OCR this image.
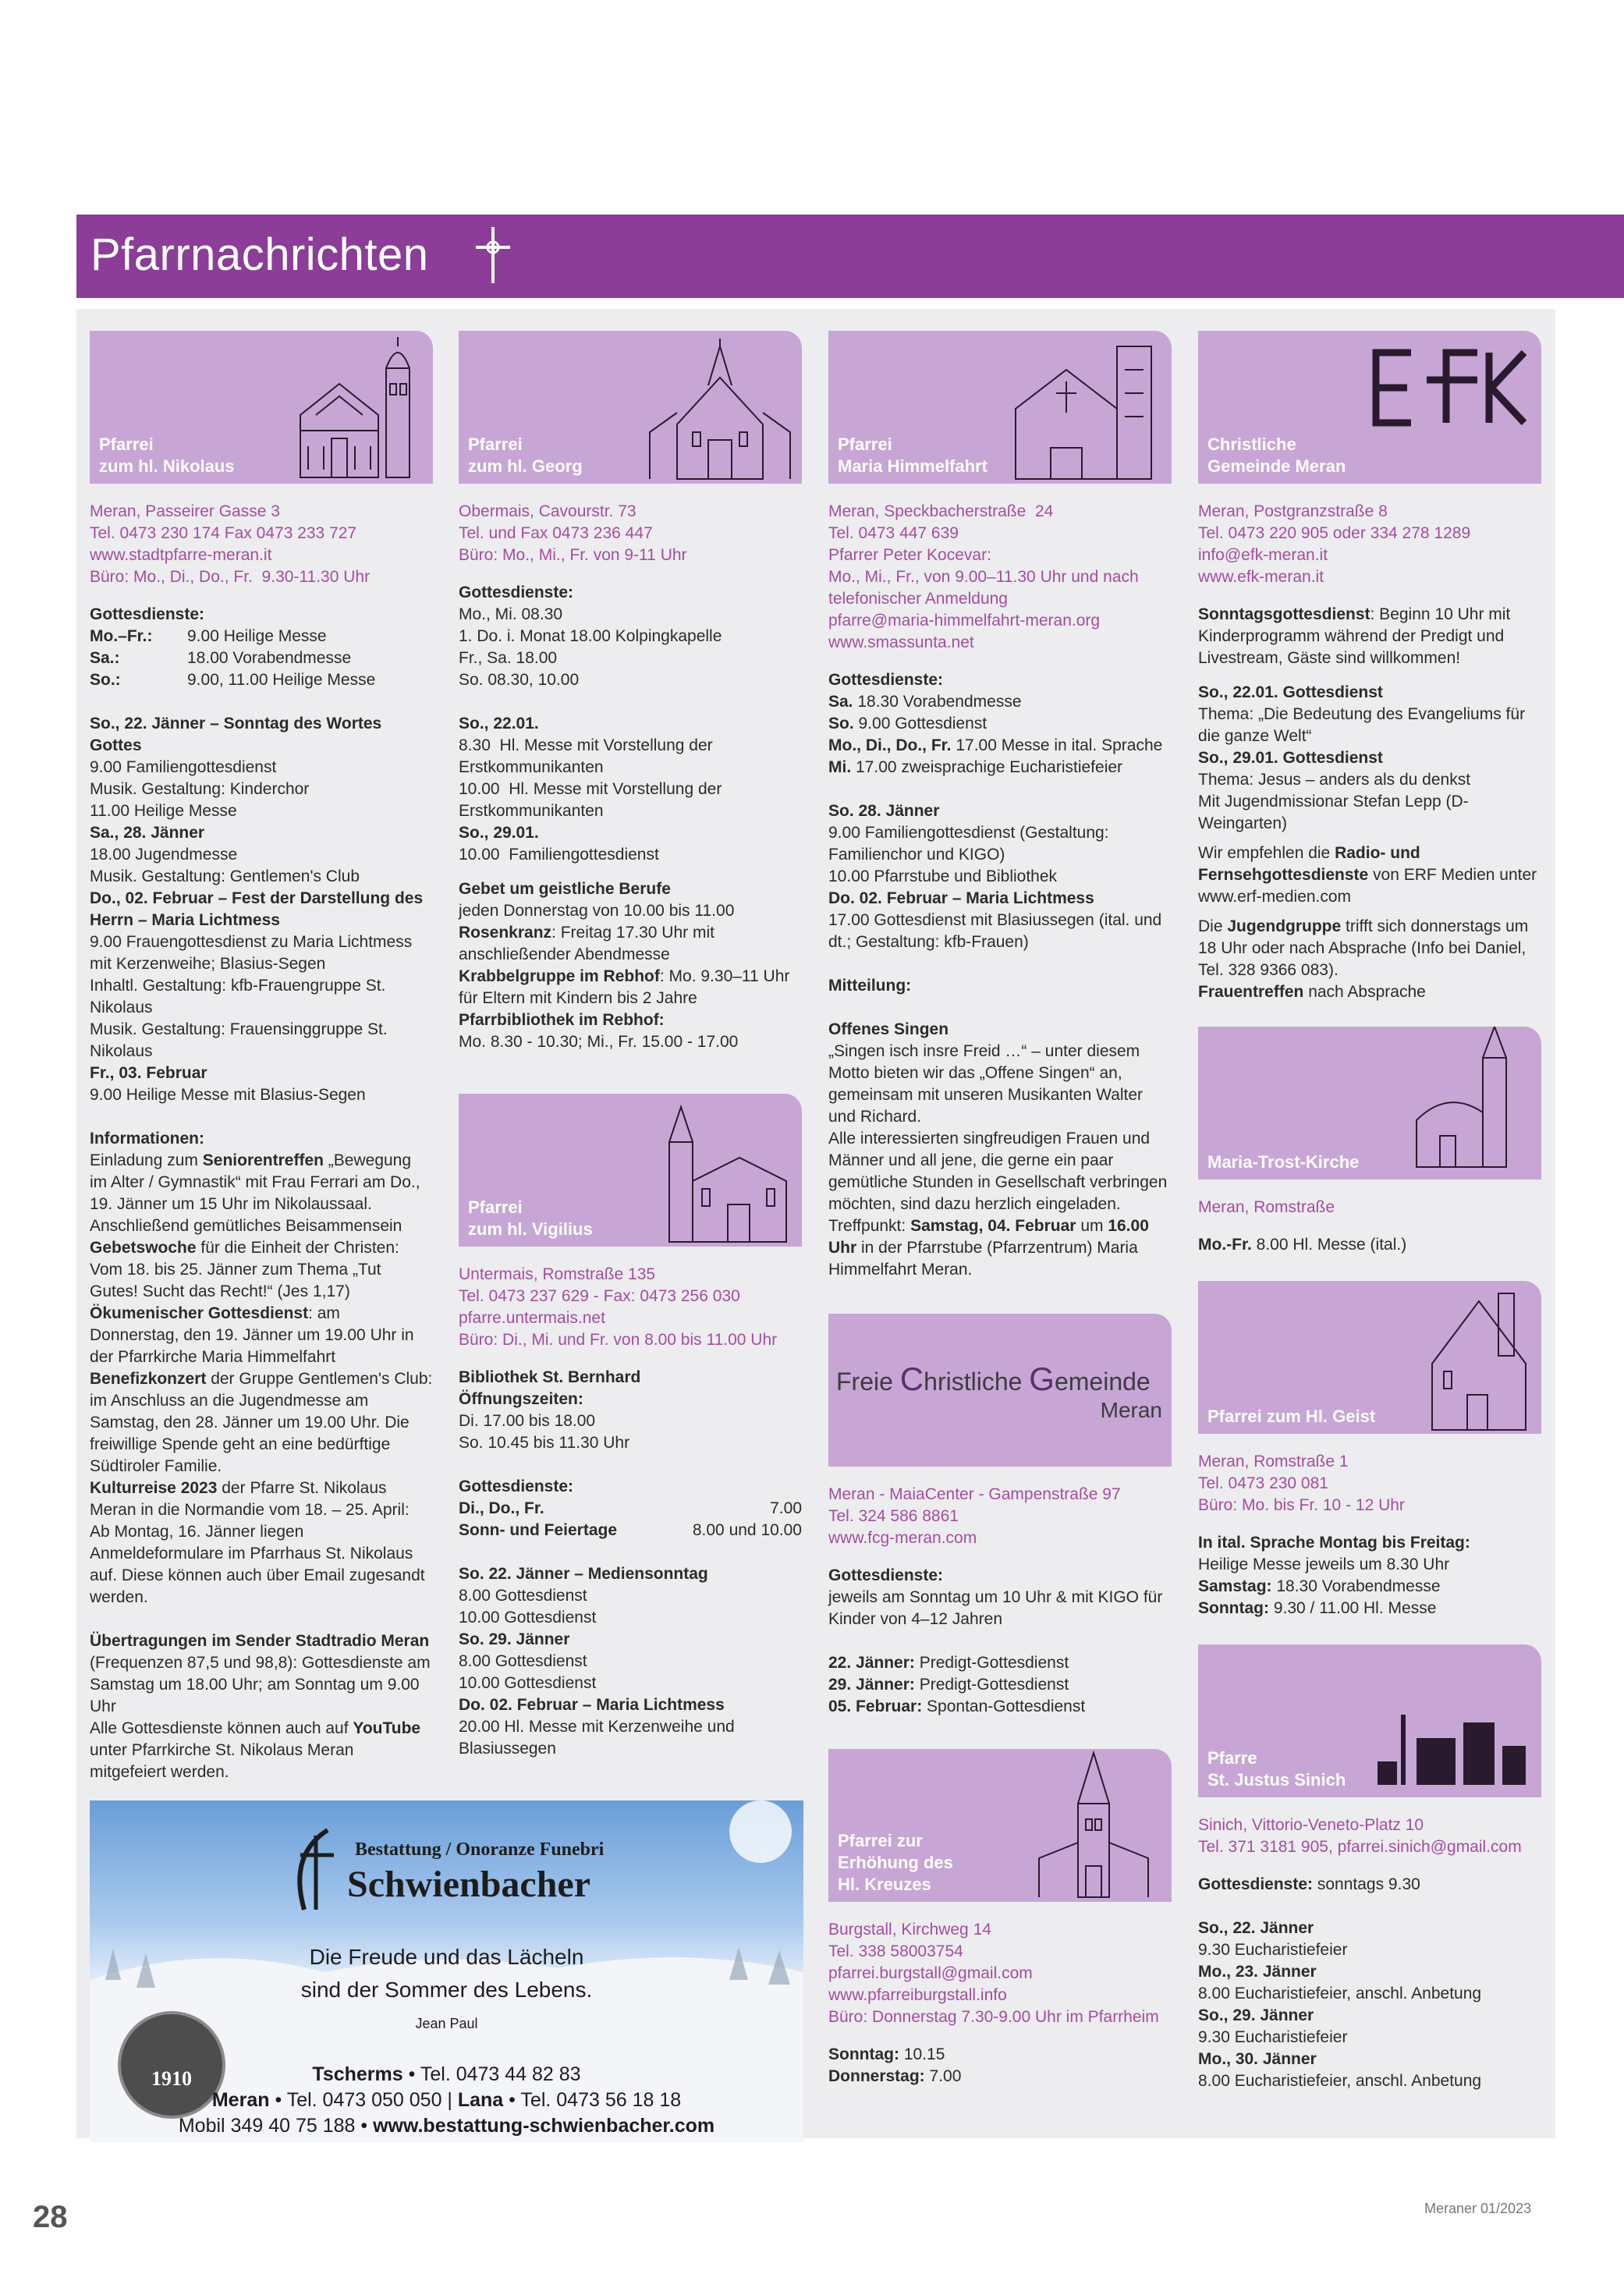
Pfarrnachrichten
Pfarrei
zum hl. Nikolaus
Meran, Passeirer Gasse 3
Tel. 0473 230 174 Fax 0473 233 727
www.stadtpfarre-meran.it
Büro: Mo., Di., Do., Fr.  9.30-11.30 Uhr
Gottesdienste:
Mo.–Fr.:	9.00 Heilige Messe
Sa.:	18.00 Vorabendmesse
So.:	9.00, 11.00 Heilige Messe
So., 22. Jänner – Sonntag des Wortes Gottes
9.00 Familiengottesdienst
Musik. Gestaltung: Kinderchor
11.00 Heilige Messe
Sa., 28. Jänner
18.00 Jugendmesse
Musik. Gestaltung: Gentlemen's Club
Do., 02. Februar – Fest der Darstellung des Herrn – Maria Lichtmess
9.00 Frauengottesdienst zu Maria Lichtmess mit Kerzenweihe; Blasius-Segen
Inhaltl. Gestaltung: kfb-Frauengruppe St. Nikolaus
Musik. Gestaltung: Frauensinggruppe St. Nikolaus
Fr., 03. Februar
9.00 Heilige Messe mit Blasius-Segen
Informationen:
Einladung zum Seniorentreffen „Bewegung im Alter / Gymnastik“ mit Frau Ferrari am Do., 19. Jänner um 15 Uhr im Nikolaussaal. Anschließend gemütliches Beisammensein
Gebetswoche für die Einheit der Christen: Vom 18. bis 25. Jänner zum Thema „Tut Gutes! Sucht das Recht!“ (Jes 1,17)
Ökumenischer Gottesdienst: am Donnerstag, den 19. Jänner um 19.00 Uhr in der Pfarrkirche Maria Himmelfahrt
Benefizkonzert der Gruppe Gentlemen's Club: im Anschluss an die Jugendmesse am Samstag, den 28. Jänner um 19.00 Uhr. Die freiwillige Spende geht an eine bedürftige Südtiroler Familie.
Kulturreise 2023 der Pfarre St. Nikolaus Meran in die Normandie vom 18. – 25. April: Ab Montag, 16. Jänner liegen Anmeldeformulare im Pfarrhaus St. Nikolaus auf. Diese können auch über Email zugesandt werden.
Übertragungen im Sender Stadtradio Meran (Frequenzen 87,5 und 98,8): Gottesdienste am Samstag um 18.00 Uhr; am Sonntag um 9.00 Uhr
Alle Gottesdienste können auch auf YouTube unter Pfarrkirche St. Nikolaus Meran mitgefeiert werden.
Pfarrei
zum hl. Georg
Obermais, Cavourstr. 73
Tel. und Fax 0473 236 447
Büro: Mo., Mi., Fr. von 9-11 Uhr
Gottesdienste:
Mo., Mi. 08.30
1. Do. i. Monat 18.00 Kolpingkapelle
Fr., Sa. 18.00
So. 08.30, 10.00
So., 22.01.
8.30  Hl. Messe mit Vorstellung der Erstkommunikanten
10.00  Hl. Messe mit Vorstellung der Erstkommunikanten
So., 29.01.
10.00  Familiengottesdienst
Gebet um geistliche Berufe
jeden Donnerstag von 10.00 bis 11.00
Rosenkranz: Freitag 17.30 Uhr mit anschließender Abendmesse
Krabbelgruppe im Rebhof: Mo. 9.30–11 Uhr für Eltern mit Kindern bis 2 Jahre
Pfarrbibliothek im Rebhof:
Mo. 8.30 - 10.30; Mi., Fr. 15.00 - 17.00
Pfarrei
zum hl. Vigilius
Untermais, Romstraße 135
Tel. 0473 237 629 - Fax: 0473 256 030
pfarre.untermais.net
Büro: Di., Mi. und Fr. von 8.00 bis 11.00 Uhr
Bibliothek St. Bernhard
Öffnungszeiten:
Di. 17.00 bis 18.00
So. 10.45 bis 11.30 Uhr
Gottesdienste:
Di., Do., Fr.	7.00
Sonn- und Feiertage	8.00 und 10.00
So. 22. Jänner – Mediensonntag
8.00 Gottesdienst
10.00 Gottesdienst
So. 29. Jänner
8.00 Gottesdienst
10.00 Gottesdienst
Do. 02. Februar – Maria Lichtmess
20.00 Hl. Messe mit Kerzenweihe und Blasiussegen
Pfarrei
Maria Himmelfahrt
Meran, Speckbacherstraße  24
Tel. 0473 447 639
Pfarrer Peter Kocevar:
Mo., Mi., Fr., von 9.00–11.30 Uhr und nach telefonischer Anmeldung
pfarre@maria-himmelfahrt-meran.org
www.smassunta.net
Gottesdienste:
Sa. 18.30 Vorabendmesse
So. 9.00 Gottesdienst
Mo., Di., Do., Fr. 17.00 Messe in ital. Sprache
Mi. 17.00 zweisprachige Eucharistiefeier
So. 28. Jänner
9.00 Familiengottesdienst (Gestaltung: Familienchor und KIGO)
10.00 Pfarrstube und Bibliothek
Do. 02. Februar – Maria Lichtmess
17.00 Gottesdienst mit Blasiussegen (ital. und dt.; Gestaltung: kfb-Frauen)
Mitteilung:
Offenes Singen
„Singen isch insre Freid …“ – unter diesem Motto bieten wir das „Offene Singen“ an, gemeinsam mit unseren Musikanten Walter und Richard.
Alle interessierten singfreudigen Frauen und Männer und all jene, die gerne ein paar gemütliche Stunden in Gesellschaft verbringen möchten, sind dazu herzlich eingeladen.
Treffpunkt: Samstag, 04. Februar um 16.00 Uhr in der Pfarrstube (Pfarrzentrum) Maria Himmelfahrt Meran.
Freie Christliche Gemeinde
Meran
Meran - MaiaCenter - Gampenstraße 97
Tel. 324 586 8861
www.fcg-meran.com
Gottesdienste:
jeweils am Sonntag um 10 Uhr & mit KIGO für Kinder von 4–12 Jahren
22. Jänner: Predigt-Gottesdienst
29. Jänner: Predigt-Gottesdienst
05. Februar: Spontan-Gottesdienst
Pfarrei zur
Erhöhung des
Hl. Kreuzes
Burgstall, Kirchweg 14
Tel. 338 58003754
pfarrei.burgstall@gmail.com
www.pfarreiburgstall.info
Büro: Donnerstag 7.30-9.00 Uhr im Pfarrheim
Sonntag: 10.15
Donnerstag: 7.00
Christliche
Gemeinde Meran
Meran, Postgranzstraße 8
Tel. 0473 220 905 oder 334 278 1289
info@efk-meran.it
www.efk-meran.it
Sonntagsgottesdienst: Beginn 10 Uhr mit Kinderprogramm während der Predigt und Livestream, Gäste sind willkommen!
So., 22.01. Gottesdienst
Thema: „Die Bedeutung des Evangeliums für die ganze Welt“
So., 29.01. Gottesdienst
Thema: Jesus – anders als du denkst
Mit Jugendmissionar Stefan Lepp (D-Weingarten)
Wir empfehlen die Radio- und Fernsehgottesdienste von ERF Medien unter www.erf-medien.com
Die Jugendgruppe trifft sich donnerstags um 18 Uhr oder nach Absprache (Info bei Daniel, Tel. 328 9366 083).
Frauentreffen nach Absprache
Maria-Trost-Kirche
Meran, Romstraße
Mo.-Fr. 8.00 Hl. Messe (ital.)
Pfarrei zum Hl. Geist
Meran, Romstraße 1
Tel. 0473 230 081
Büro: Mo. bis Fr. 10 - 12 Uhr
In ital. Sprache Montag bis Freitag:
Heilige Messe jeweils um 8.30 Uhr
Samstag: 18.30 Vorabendmesse
Sonntag: 9.30 / 11.00 Hl. Messe
Pfarre
St. Justus Sinich
Sinich, Vittorio-Veneto-Platz 10
Tel. 371 3181 905, pfarrei.sinich@gmail.com
Gottesdienste: sonntags 9.30
So., 22. Jänner
9.30 Eucharistiefeier
Mo., 23. Jänner
8.00 Eucharistiefeier, anschl. Anbetung
So., 29. Jänner
9.30 Eucharistiefeier
Mo., 30. Jänner
8.00 Eucharistiefeier, anschl. Anbetung
Bestattung / Onoranze Funebri
Schwienbacher
Die Freude und das Lächeln
sind der Sommer des Lebens.
Jean Paul
1910	Tscherms • Tel. 0473 44 82 83
Meran • Tel. 0473 050 050 | Lana • Tel. 0473 56 18 18
Mobil 349 40 75 188 • www.bestattung-schwienbacher.com
28	Meraner 01/2023
